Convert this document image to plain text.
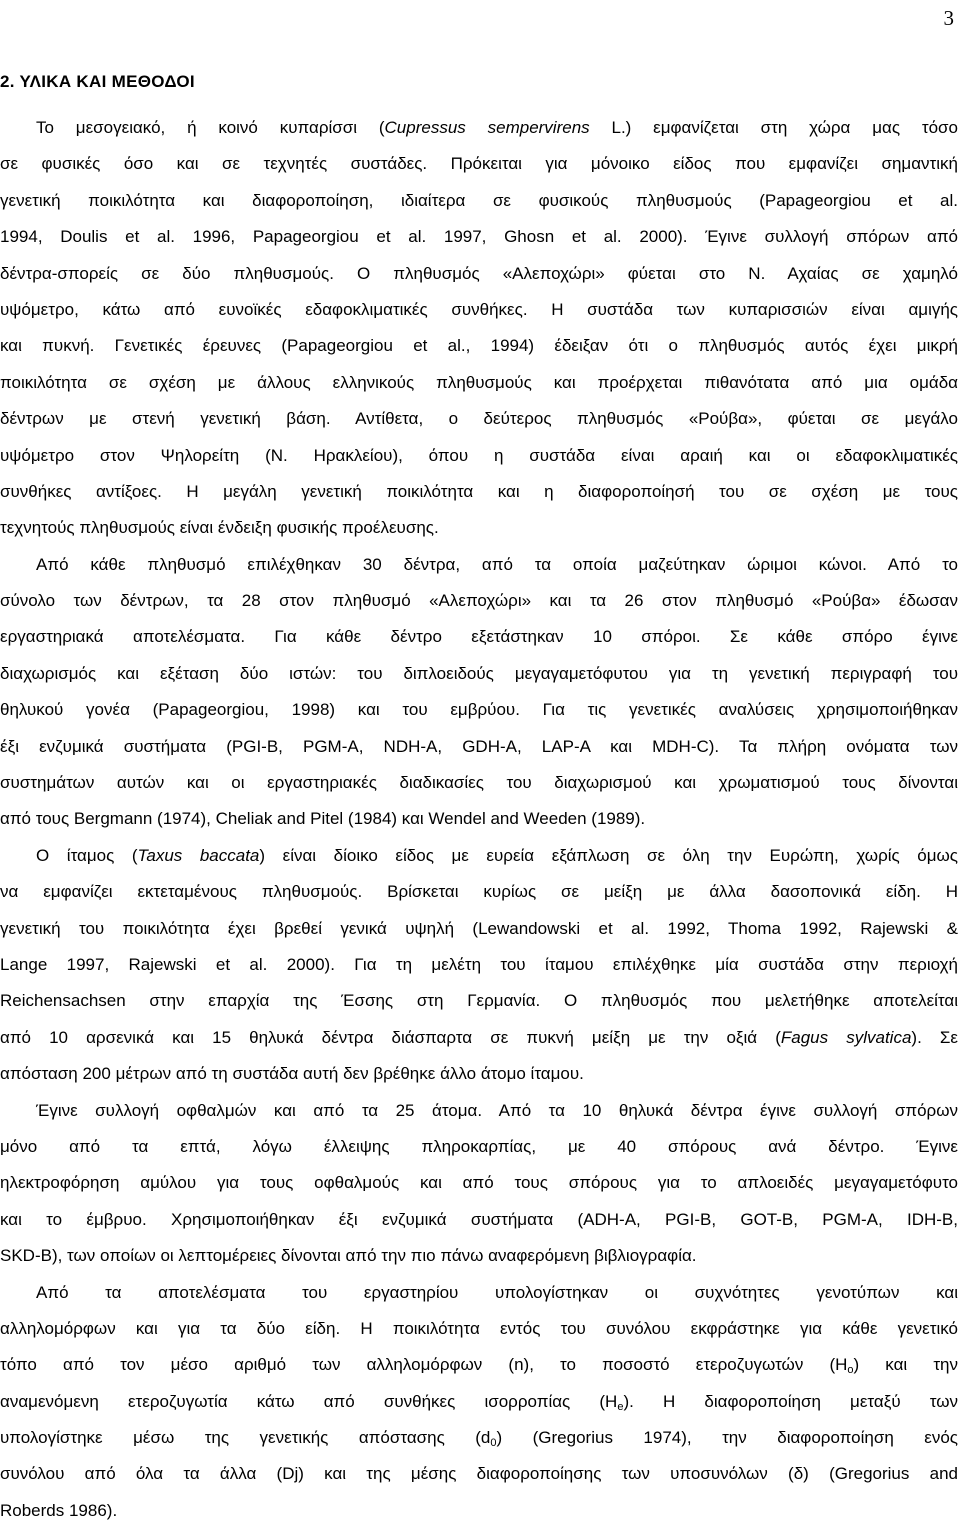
3
2. ΥΛΙΚΑ ΚΑΙ ΜΕΘΟΔΟΙ
Το μεσογειακό, ή κοινό κυπαρίσσι (Cupressus sempervirens L.) εμφανίζεται στη χώρα μας τόσο
σε φυσικές όσο και σε τεχνητές συστάδες. Πρόκειται για μόνοικο είδος που εμφανίζει σημαντική
γενετική ποικιλότητα και διαφοροποίηση, ιδιαίτερα σε φυσικούς πληθυσμούς (Papageorgiou et al.
1994, Doulis et al. 1996, Papageorgiou et al. 1997, Ghosn et al. 2000). Έγινε συλλογή σπόρων από
δέντρα-σπορείς σε δύο πληθυσμούς. Ο πληθυσμός «Αλεποχώρι» φύεται στο Ν. Αχαίας σε χαμηλό
υψόμετρο, κάτω από ευνοϊκές εδαφοκλιματικές συνθήκες. Η συστάδα των κυπαρισσιών είναι αμιγής
και πυκνή. Γενετικές έρευνες (Papageorgiou et al., 1994) έδειξαν ότι ο πληθυσμός αυτός έχει μικρή
ποικιλότητα σε σχέση με άλλους ελληνικούς πληθυσμούς και προέρχεται πιθανότατα από μια ομάδα
δέντρων με στενή γενετική βάση. Αντίθετα, ο δεύτερος πληθυσμός «Ρούβα», φύεται σε μεγάλο
υψόμετρο στον Ψηλορείτη (Ν. Ηρακλείου), όπου η συστάδα είναι αραιή και οι εδαφοκλιματικές
συνθήκες αντίξοες. Η μεγάλη γενετική ποικιλότητα και η διαφοροποίησή του σε σχέση με τους
τεχνητούς πληθυσμούς είναι ένδειξη φυσικής προέλευσης.
Από κάθε πληθυσμό επιλέχθηκαν 30 δέντρα, από τα οποία μαζεύτηκαν ώριμοι κώνοι. Από το
σύνολο των δέντρων, τα 28 στον πληθυσμό «Αλεποχώρι» και τα 26 στον πληθυσμό «Ρούβα» έδωσαν
εργαστηριακά αποτελέσματα. Για κάθε δέντρο εξετάστηκαν 10 σπόροι. Σε κάθε σπόρο έγινε
διαχωρισμός και εξέταση δύο ιστών: του διπλοειδούς μεγαγαμετόφυτου για τη γενετική περιγραφή του
θηλυκού γονέα (Papageorgiou, 1998) και του εμβρύου. Για τις γενετικές αναλύσεις χρησιμοποιήθηκαν
έξι ενζυμικά συστήματα (PGI-B, PGM-A, NDH-A, GDH-A, LAP-A και MDH-C). Τα πλήρη ονόματα των
συστημάτων αυτών και οι εργαστηριακές διαδικασίες του διαχωρισμού και χρωματισμού τους δίνονται
από τους Bergmann (1974), Cheliak and Pitel (1984) και Wendel and Weeden (1989).
Ο ίταμος (Taxus baccata) είναι δίοικο είδος με ευρεία εξάπλωση σε όλη την Ευρώπη, χωρίς όμως
να εμφανίζει εκτεταμένους πληθυσμούς. Βρίσκεται κυρίως σε μείξη με άλλα δασοπονικά είδη. Η
γενετική του ποικιλότητα έχει βρεθεί γενικά υψηλή (Lewandowski et al. 1992, Thoma 1992, Rajewski &
Lange 1997, Rajewski et al. 2000). Για τη μελέτη του ίταμου επιλέχθηκε μία συστάδα στην περιοχή
Reichensachsen στην επαρχία της Έσσης στη Γερμανία. Ο πληθυσμός που μελετήθηκε αποτελείται
από 10 αρσενικά και 15 θηλυκά δέντρα διάσπαρτα σε πυκνή μείξη με την οξιά (Fagus sylvatica). Σε
απόσταση 200 μέτρων από τη συστάδα αυτή δεν βρέθηκε άλλο άτομο ίταμου.
Έγινε συλλογή οφθαλμών και από τα 25 άτομα. Από τα 10 θηλυκά δέντρα έγινε συλλογή σπόρων
μόνο από τα επτά, λόγω έλλειψης πληροκαρπίας, με 40 σπόρους ανά δέντρο. Έγινε
ηλεκτροφόρηση αμύλου για τους οφθαλμούς και από τους σπόρους για το απλοειδές μεγαγαμετόφυτο
και το έμβρυο. Χρησιμοποιήθηκαν έξι ενζυμικά συστήματα (ADH-A, PGI-B, GOT-B, PGM-A, IDH-B,
SKD-B), των οποίων οι λεπτομέρειες δίνονται από την πιο πάνω αναφερόμενη βιβλιογραφία.
Από τα αποτελέσματα του εργαστηρίου υπολογίστηκαν οι συχνότητες γενοτύπων και
αλληλομόρφων και για τα δύο είδη. Η ποικιλότητα εντός του συνόλου εκφράστηκε για κάθε γενετικό
τόπο από τον μέσο αριθμό των αλληλομόρφων (n), το ποσοστό ετεροζυγωτών $(H_o)$ και την
αναμενόμενη ετεροζυγωτία κάτω από συνθήκες ισορροπίας $(H_e)$. Η διαφοροποίηση μεταξύ των
υπολογίστηκε μέσω της γενετικής απόστασης $(d_0)$ (Gregorius 1974), την διαφοροποίηση ενός
συνόλου από όλα τα άλλα (Dj) και της μέσης διαφοροποίησης των υποσυνόλων (δ) (Gregorius and
Roberds 1986).
